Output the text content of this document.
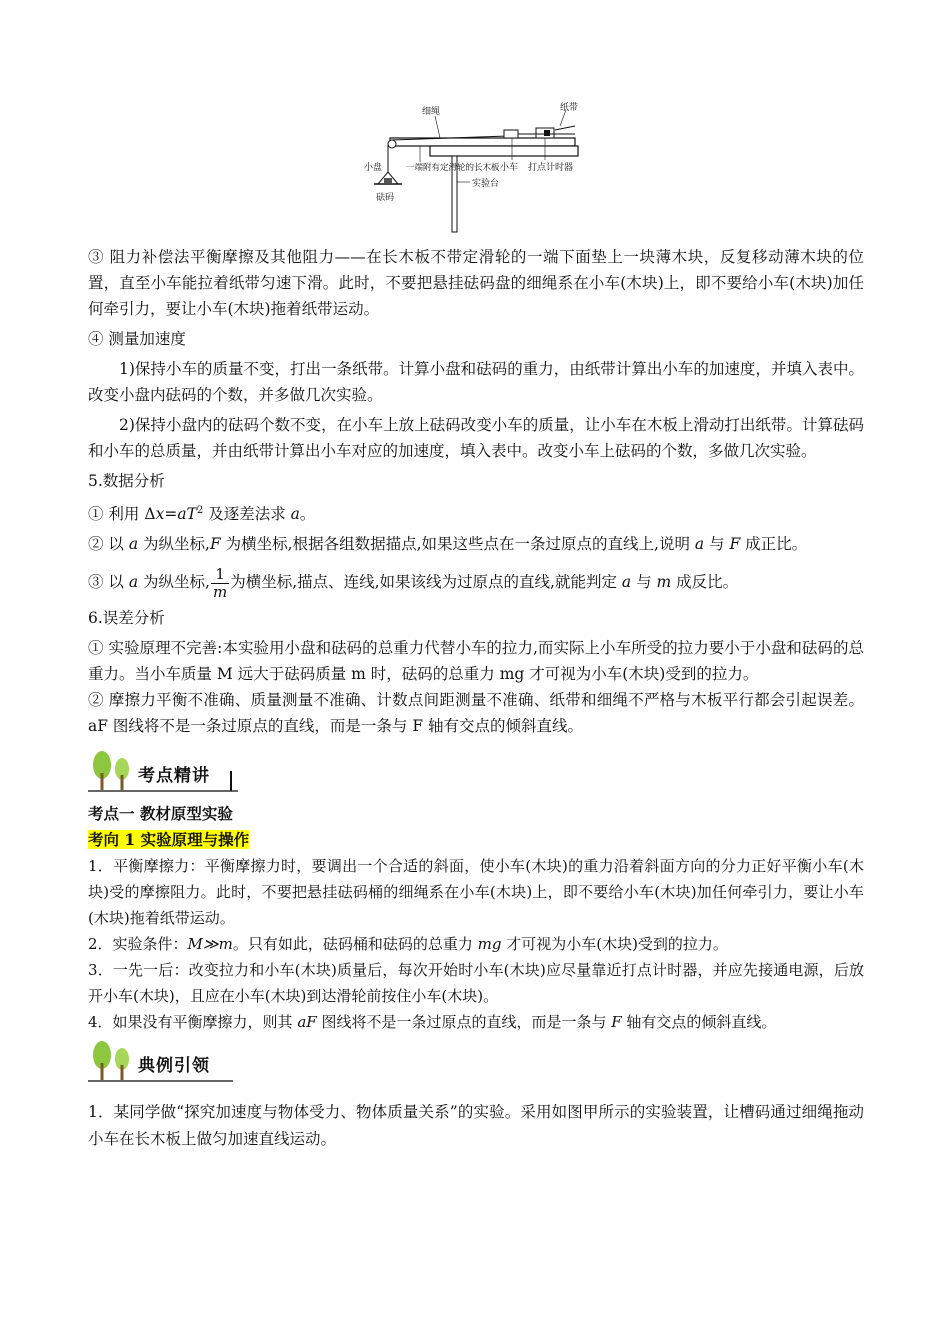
细绳	纸带
小盘
砝码
一端附有定滑轮的长木板 小车 打点计时器
实验台

③ 阻力补偿法平衡摩擦及其他阻力——在长木板不带定滑轮的一端下面垫上一块薄木块，反复移动薄木块的位置，直至小车能拉着纸带匀速下滑。此时，不要把悬挂砝码盘的细绳系在小车(木块)上，即不要给小车(木块)加任何牵引力，要让小车(木块)拖着纸带运动。

④ 测量加速度

1)保持小车的质量不变，打出一条纸带。计算小盘和砝码的重力，由纸带计算出小车的加速度，并填入表中。改变小盘内砝码的个数，并多做几次实验。

2)保持小盘内的砝码个数不变，在小车上放上砝码改变小车的质量，让小车在木板上滑动打出纸带。计算砝码和小车的总质量，并由纸带计算出小车对应的加速度，填入表中。改变小车上砝码的个数，多做几次实验。

5.数据分析

① 利用 $\Delta x=aT^2$ 及逐差法求 a。

② 以 a 为纵坐标,F 为横坐标,根据各组数据描点,如果这些点在一条过原点的直线上,说明 a 与 F 成正比。

③ 以 a 为纵坐标, $\frac{1}{m}$ 为横坐标,描点、连线,如果该线为过原点的直线,就能判定 a 与 m 成反比。

6.误差分析

① 实验原理不完善:本实验用小盘和砝码的总重力代替小车的拉力,而实际上小车所受的拉力要小于小盘和砝码的总重力。当小车质量 M 远大于砝码质量 m 时，砝码的总重力 mg 才可视为小车(木块)受到的拉力。

② 摩擦力平衡不准确、质量测量不准确、计数点间距测量不准确、纸带和细绳不严格与木板平行都会引起误差。aF 图线将不是一条过原点的直线，而是一条与 F 轴有交点的倾斜直线。

考点精讲

考点一 教材原型实验

考向 1 实验原理与操作

1．平衡摩擦力：平衡摩擦力时，要调出一个合适的斜面，使小车(木块)的重力沿着斜面方向的分力正好平衡小车(木块)受的摩擦阻力。此时，不要把悬挂砝码桶的细绳系在小车(木块)上，即不要给小车(木块)加任何牵引力，要让小车(木块)拖着纸带运动。

2．实验条件：M≫m。只有如此，砝码桶和砝码的总重力 mg 才可视为小车(木块)受到的拉力。

3．一先一后：改变拉力和小车(木块)质量后，每次开始时小车(木块)应尽量靠近打点计时器，并应先接通电源，后放开小车(木块)，且应在小车(木块)到达滑轮前按住小车(木块)。

4．如果没有平衡摩擦力，则其 aF 图线将不是一条过原点的直线，而是一条与 F 轴有交点的倾斜直线。

典例引领

1．某同学做“探究加速度与物体受力、物体质量关系”的实验。采用如图甲所示的实验装置，让槽码通过细绳拖动小车在长木板上做匀加速直线运动。
